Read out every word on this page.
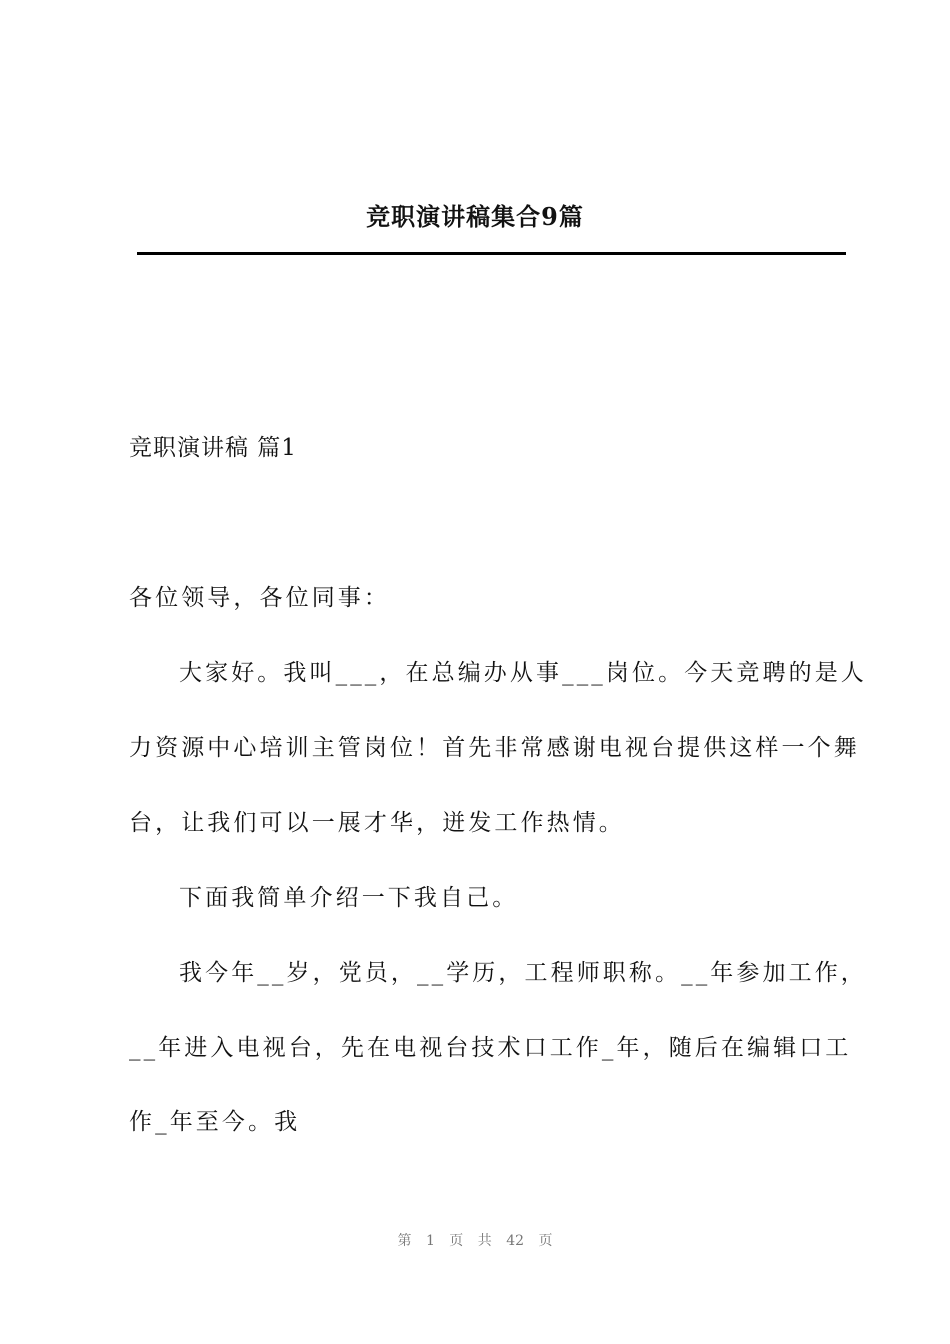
竞职演讲稿集合9篇
竞职演讲稿 篇1
各位领导，各位同事：
大家好。我叫___，在总编办从事___岗位。今天竞聘的是人
力资源中心培训主管岗位！首先非常感谢电视台提供这样一个舞
台，让我们可以一展才华，迸发工作热情。
下面我简单介绍一下我自己。
我今年__岁，党员，__学历，工程师职称。__年参加工作，
__年进入电视台，先在电视台技术口工作_年，随后在编辑口工
作_年至今。我
第 1 页 共 42 页
